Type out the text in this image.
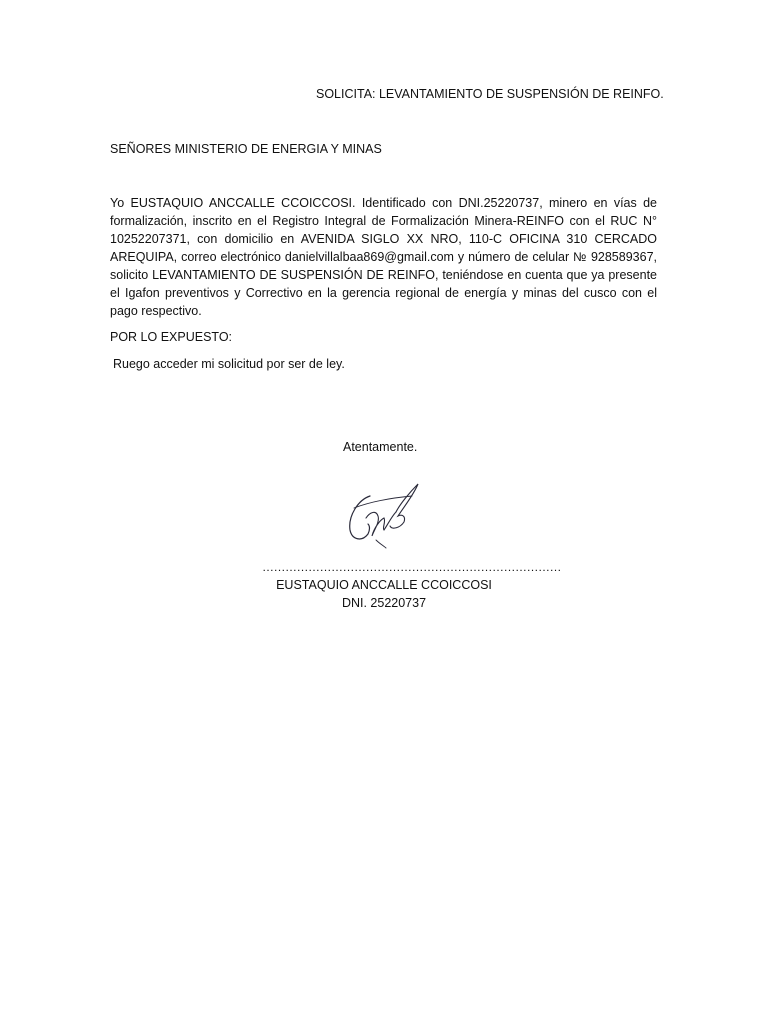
SOLICITA: LEVANTAMIENTO DE SUSPENSIÓN DE REINFO.
SEÑORES MINISTERIO DE ENERGIA Y MINAS

Yo EUSTAQUIO ANCCALLE CCOICCOSI. Identificado con DNI.25220737, minero en vías de formalización, inscrito en el Registro Integral de Formalización Minera-REINFO con el RUC N° 10252207371, con domicilio en AVENIDA SIGLO XX NRO, 110-C OFICINA 310 CERCADO AREQUIPA, correo electrónico danielvillalbaa869@gmail.com y número de celular № 928589367, solicito LEVANTAMIENTO DE SUSPENSIÓN DE REINFO, teniéndose en cuenta que ya presente el Igafon preventivos y Correctivo en la gerencia regional de energía y minas del cusco con el pago respectivo.

POR LO EXPUESTO:
Ruego acceder mi solicitud por ser de ley.
Atentamente.
……………………………………………………………………
EUSTAQUIO ANCCALLE CCOICCOSI
DNI. 25220737
